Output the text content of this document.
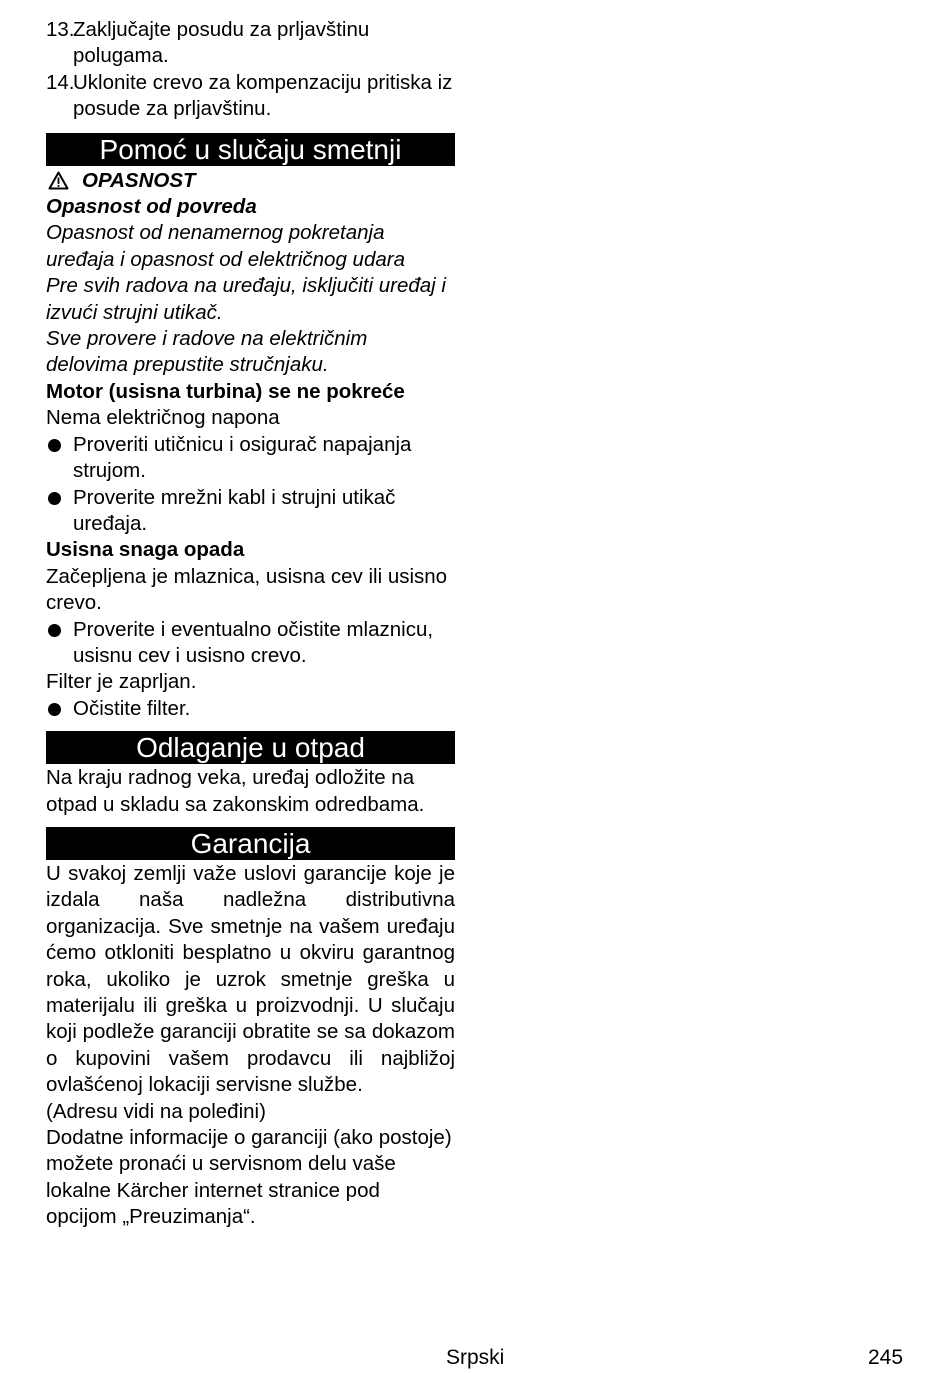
13.
Zaključajte posudu za prljavštinu polugama.
14.
Uklonite crevo za kompenzaciju pritiska iz posude za prljavštinu.
Pomoć u slučaju smetnji
OPASNOST

Opasnost od povreda

Opasnost od nenamernog pokretanja uređaja i opasnost od električnog udara

Pre svih radova na uređaju, isključiti uređaj i izvući strujni utikač.

Sve provere i radove na električnim delovima prepustite stručnjaku.

Motor (usisna turbina) se ne pokreće

Nema električnog napona

Proveriti utičnicu i osigurač napajanja strujom.
Proverite mrežni kabl i strujni utikač uređaja.

Usisna snaga opada

Začepljena je mlaznica, usisna cev ili usisno crevo.

Proverite i eventualno očistite mlaznicu, usisnu cev i usisno crevo.

Filter je zaprljan.

Očistite filter.
Odlaganje u otpad

Na kraju radnog veka, uređaj odložite na otpad u skladu sa zakonskim odredbama.

Garancija

U svakoj zemlji važe uslovi garancije koje je izdala naša nadležna distributivna organizacija. Sve smetnje na vašem uređaju ćemo otkloniti besplatno u okviru garantnog roka, ukoliko je uzrok smetnje greška u materijalu ili greška u proizvodnji. U slučaju koji podleže garanciji obratite se sa dokazom o kupovini vašem prodavcu ili najbližoj ovlašćenoj lokaciji servisne službe.

(Adresu vidi na poleđini)

Dodatne informacije o garanciji (ako postoje) možete pronaći u servisnom delu vaše lokalne Kärcher internet stranice pod opcijom „Preuzimanja“.

Srpski	245
